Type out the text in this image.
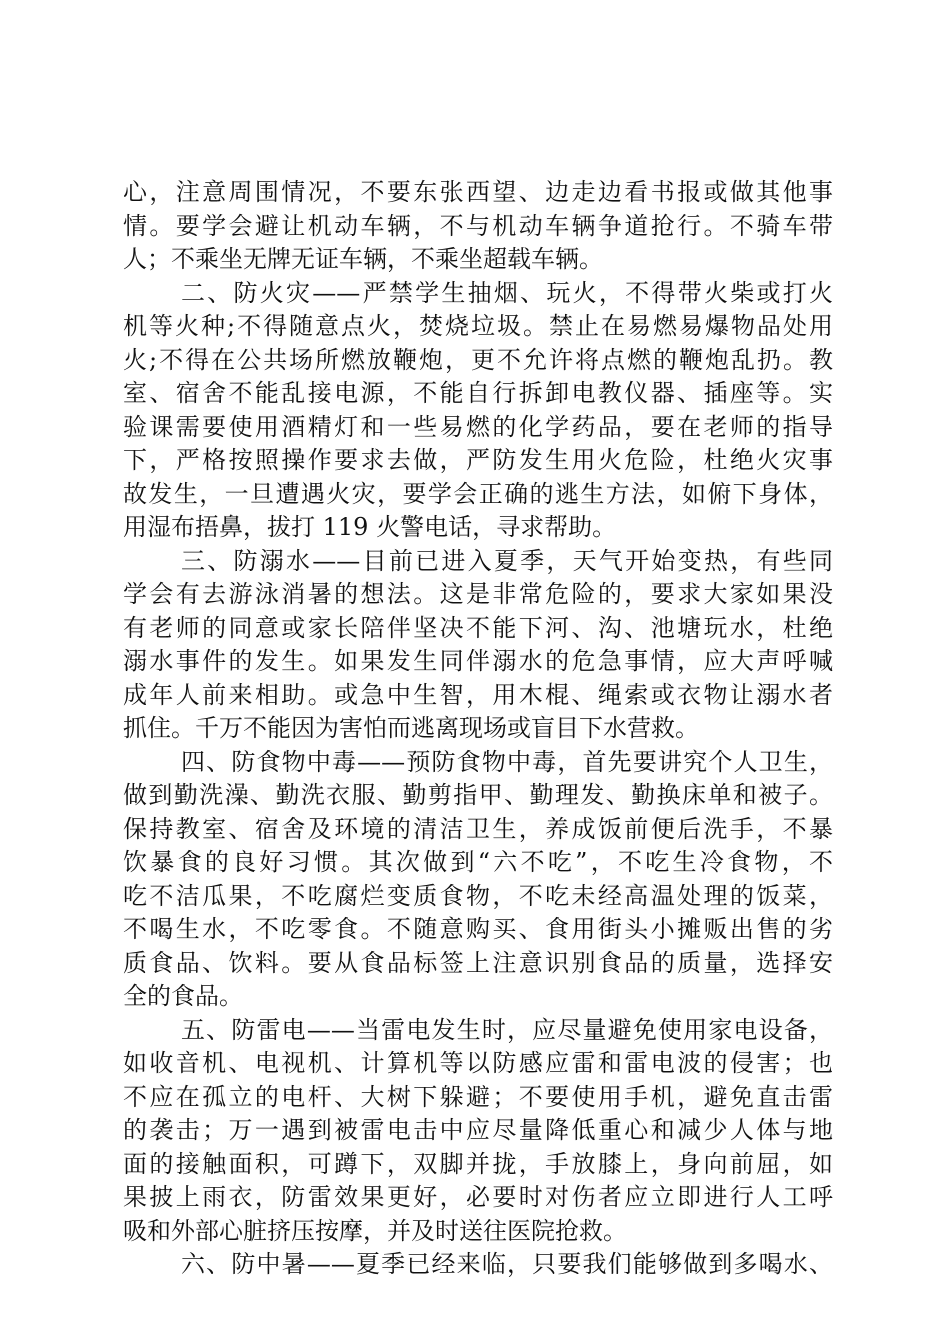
心，注意周围情况，不要东张西望、边走边看书报或做其他事
情。要学会避让机动车辆，不与机动车辆争道抢行。不骑车带
人；不乘坐无牌无证车辆，不乘坐超载车辆。
二、防火灾——严禁学生抽烟、玩火，不得带火柴或打火
机等火种;不得随意点火，焚烧垃圾。禁止在易燃易爆物品处用
火;不得在公共场所燃放鞭炮，更不允许将点燃的鞭炮乱扔。教
室、宿舍不能乱接电源，不能自行拆卸电教仪器、插座等。实
验课需要使用酒精灯和一些易燃的化学药品，要在老师的指导
下，严格按照操作要求去做，严防发生用火危险，杜绝火灾事
故发生，一旦遭遇火灾，要学会正确的逃生方法，如俯下身体，
用湿布捂鼻，拔打 119 火警电话，寻求帮助。
三、防溺水——目前已进入夏季，天气开始变热，有些同
学会有去游泳消暑的想法。这是非常危险的，要求大家如果没
有老师的同意或家长陪伴坚决不能下河、沟、池塘玩水，杜绝
溺水事件的发生。如果发生同伴溺水的危急事情，应大声呼喊
成年人前来相助。或急中生智，用木棍、绳索或衣物让溺水者
抓住。千万不能因为害怕而逃离现场或盲目下水营救。
四、防食物中毒——预防食物中毒，首先要讲究个人卫生，
做到勤洗澡、勤洗衣服、勤剪指甲、勤理发、勤换床单和被子。
保持教室、宿舍及环境的清洁卫生，养成饭前便后洗手，不暴
饮暴食的良好习惯。其次做到“六不吃”，不吃生冷食物，不
吃不洁瓜果，不吃腐烂变质食物，不吃未经高温处理的饭菜，
不喝生水，不吃零食。不随意购买、食用街头小摊贩出售的劣
质食品、饮料。要从食品标签上注意识别食品的质量，选择安
全的食品。
五、防雷电——当雷电发生时，应尽量避免使用家电设备，
如收音机、电视机、计算机等以防感应雷和雷电波的侵害；也
不应在孤立的电杆、大树下躲避；不要使用手机，避免直击雷
的袭击；万一遇到被雷电击中应尽量降低重心和减少人体与地
面的接触面积，可蹲下，双脚并拢，手放膝上，身向前屈，如
果披上雨衣，防雷效果更好，必要时对伤者应立即进行人工呼
吸和外部心脏挤压按摩，并及时送往医院抢救。
六、防中暑——夏季已经来临，只要我们能够做到多喝水、
